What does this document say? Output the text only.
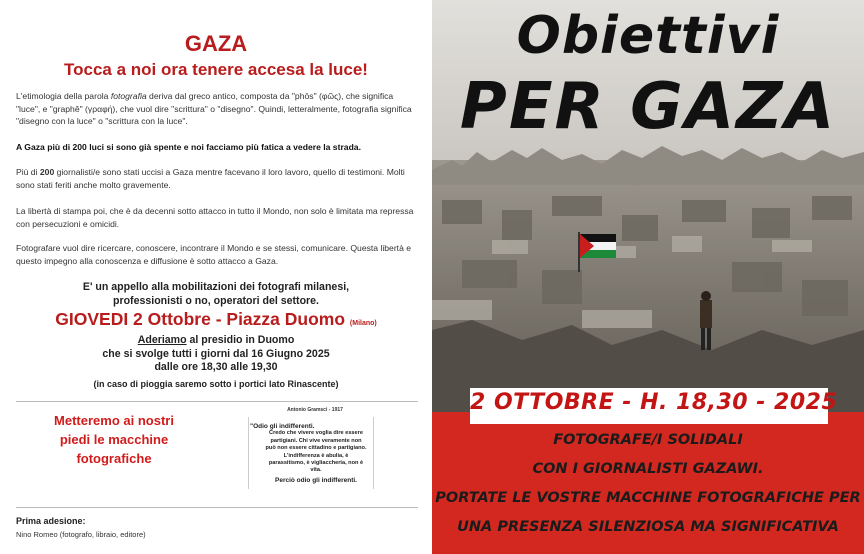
GAZA
Tocca a noi ora tenere accesa la luce!
L'etimologia della parola fotografia deriva dal greco antico, composta da "phōs" (φῶς), che significa "luce", e "graphê" (γραφή), che vuol dire "scrittura" o "disegno". Quindi, letteralmente, fotografia significa "disegno con la luce" o "scrittura con la luce".
A Gaza più di 200 luci si sono già spente e noi facciamo più fatica a vedere la strada.
Più di 200 giornalisti/e sono stati uccisi a Gaza mentre facevano il loro lavoro, quello di testimoni. Molti sono stati feriti anche molto gravemente.
La libertà di stampa poi, che è da decenni sotto attacco in tutto il Mondo, non solo è limitata ma repressa con persecuzioni e omicidi.
Fotografare vuol dire ricercare, conoscere, incontrare il Mondo e se stessi, comunicare. Questa libertà e questo impegno alla conoscenza e diffusione è sotto attacco a Gaza.
E' un appello alla mobilitazioni dei fotografi milanesi,
professionisti o no, operatori del settore.
GIOVEDI 2 Ottobre - Piazza Duomo (Milano)
Aderiamo al presidio in Duomo
che si svolge tutti i giorni dal 16 Giugno 2025
dalle ore 18,30 alle 19,30
(in caso di pioggia saremo sotto i portici lato Rinascente)
Metteremo ai nostri
piedi le macchine
fotografiche
Antonio Gramsci - 1917
"Odio gli indifferenti.
Credo che vivere voglia dire essere
partigiani. Chi vive veramente non
può non essere cittadino e partigiano.
L'indifferenza è abulia, è
parassitismo, è vigliaccheria, non è
vita.
Perciò odio gli indifferenti.
Prima adesione:
Nino Romeo (fotografo, libraio, editore)
Obiettivi
PER GAZA
2 OTTOBRE - H. 18,30 - 2025
FOTOGRAFE/I SOLIDALI
CON I GIORNALISTI GAZAWI.
PORTATE LE VOSTRE MACCHINE FOTOGRAFICHE PER
UNA PRESENZA SILENZIOSA MA SIGNIFICATIVA
